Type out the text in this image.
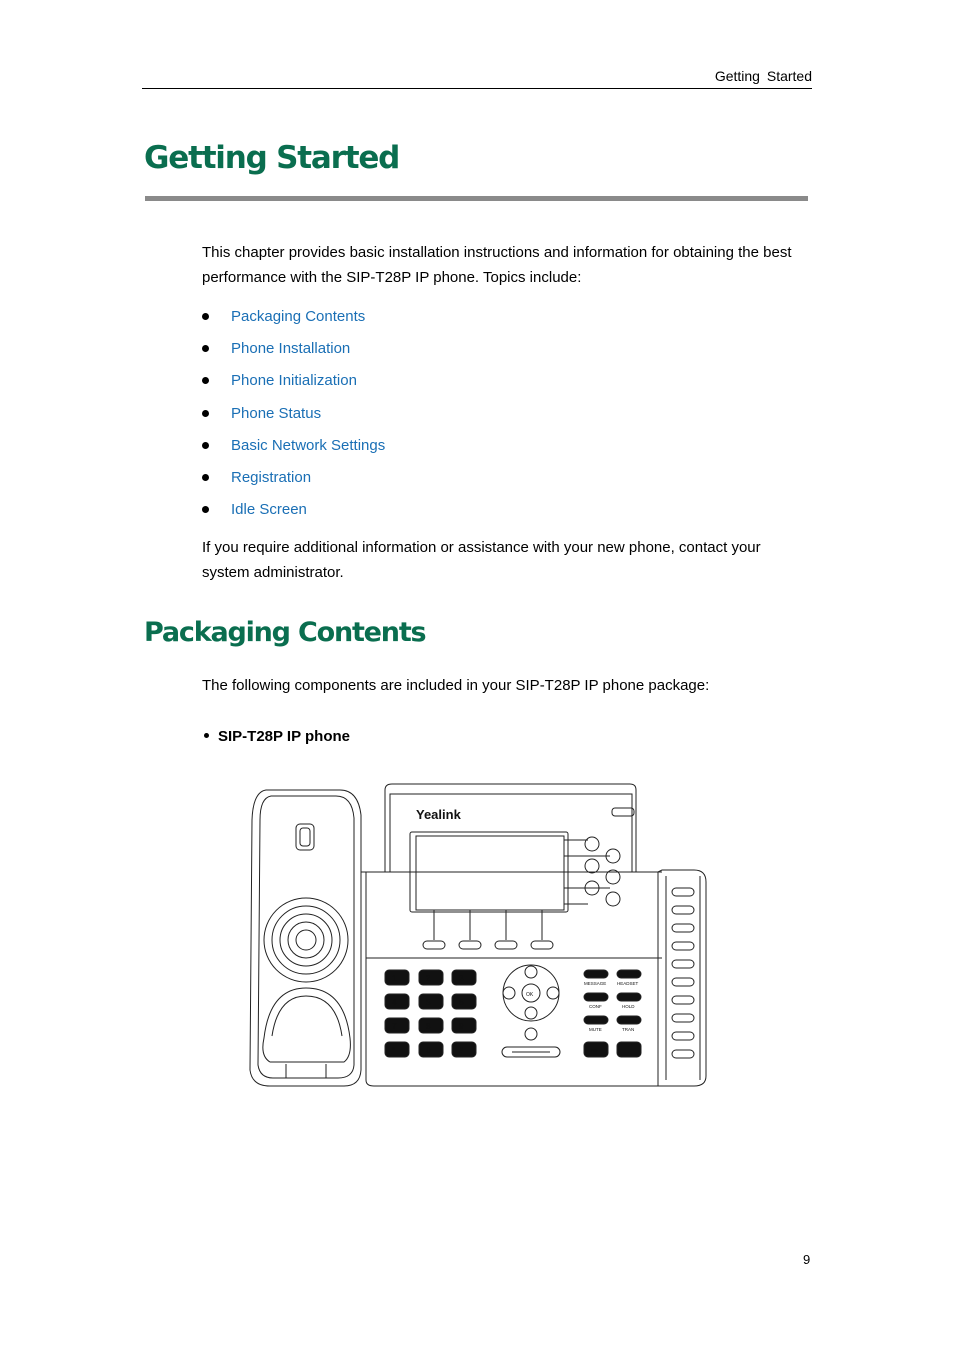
Getting Started
Getting Started

This chapter provides basic installation instructions and information for obtaining the best performance with the SIP-T28P IP phone. Topics include:

Packaging Contents
Phone Installation
Phone Initialization
Phone Status
Basic Network Settings
Registration
Idle Screen

If you require additional information or assistance with your new phone, contact your system administrator.

Packaging Contents

The following components are included in your SIP-T28P IP phone package:

SIP-T28P IP phone
Yealink
1	2	3
4	5	6
7	8	9
*	0	#
OK
MESSAGE HEADSET
CONF	HOLD
MUTE	TRAN
RD
9
